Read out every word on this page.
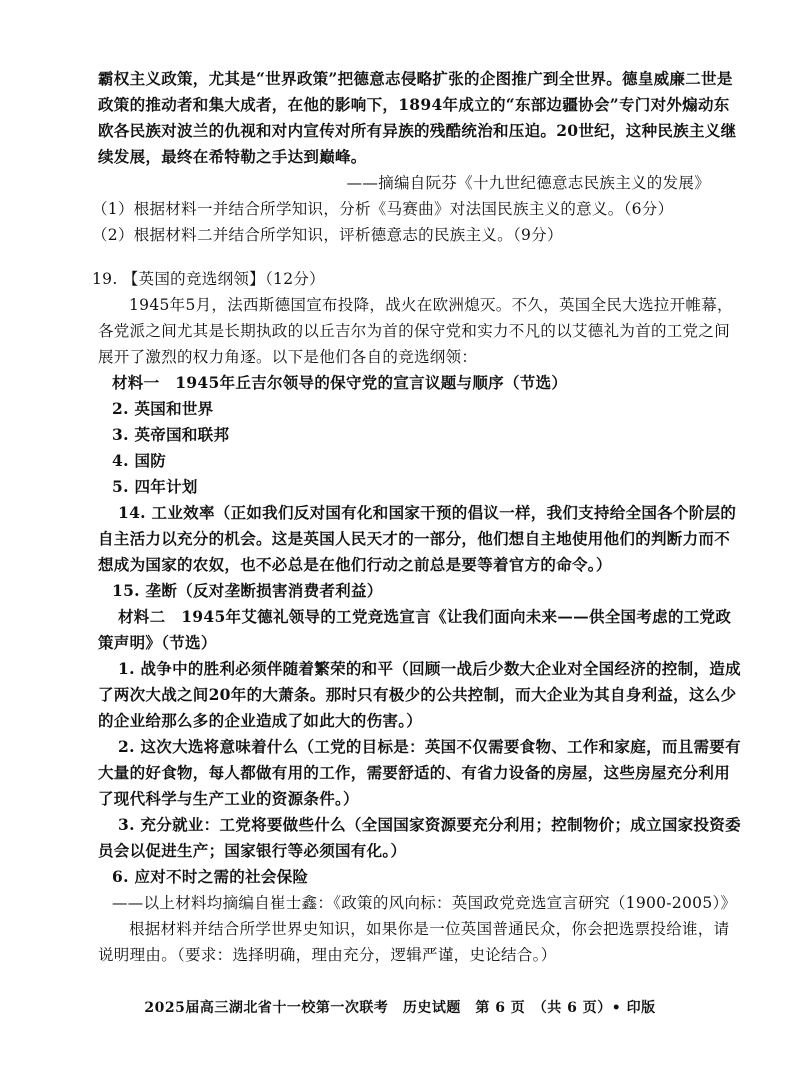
霸权主义政策，尤其是“世界政策”把德意志侵略扩张的企图推广到全世界。德皇威廉二世是政策的推动者和集大成者，在他的影响下，1894年成立的“东部边疆协会”专门对外煽动东欧各民族对波兰的仇视和对内宣传对所有异族的残酷统治和压迫。20世纪，这种民族主义继续发展，最终在希特勒之手达到巅峰。

——摘编自阮芬《十九世纪德意志民族主义的发展》

（1）根据材料一并结合所学知识，分析《马赛曲》对法国民族主义的意义。（6分）

（2）根据材料二并结合所学知识，评析德意志的民族主义。（9分）

19. 【英国的竞选纲领】（12分）

1945年5月，法西斯德国宣布投降，战火在欧洲熄灭。不久，英国全民大选拉开帷幕，各党派之间尤其是长期执政的以丘吉尔为首的保守党和实力不凡的以艾德礼为首的工党之间展开了激烈的权力角逐。以下是他们各自的竞选纲领：

材料一　1945年丘吉尔领导的保守党的宣言议题与顺序（节选）

2. 英国和世界

3. 英帝国和联邦

4. 国防

5. 四年计划

14. 工业效率（正如我们反对国有化和国家干预的倡议一样，我们支持给全国各个阶层的自主活力以充分的机会。这是英国人民天才的一部分，他们想自主地使用他们的判断力而不想成为国家的农奴，也不必总是在他们行动之前总是要等着官方的命令。）

15. 垄断（反对垄断损害消费者利益）

材料二　1945年艾德礼领导的工党竞选宣言《让我们面向未来——供全国考虑的工党政策声明》（节选）

1. 战争中的胜利必须伴随着繁荣的和平（回顾一战后少数大企业对全国经济的控制，造成了两次大战之间20年的大萧条。那时只有极少的公共控制，而大企业为其自身利益，这么少的企业给那么多的企业造成了如此大的伤害。）

2. 这次大选将意味着什么（工党的目标是：英国不仅需要食物、工作和家庭，而且需要有大量的好食物，每人都做有用的工作，需要舒适的、有省力设备的房屋，这些房屋充分利用了现代科学与生产工业的资源条件。）

3. 充分就业：工党将要做些什么（全国国家资源要充分利用；控制物价；成立国家投资委员会以促进生产；国家银行等必须国有化。）

6. 应对不时之需的社会保险

——以上材料均摘编自崔士鑫：《政策的风向标：英国政党竞选宣言研究（1900-2005）》

根据材料并结合所学世界史知识，如果你是一位英国普通民众，你会把选票投给谁，请说明理由。（要求：选择明确，理由充分，逻辑严谨，史论结合。）

2025届高三湖北省十一校第一次联考　历史试题　第 6 页　（共 6 页）• 印版
